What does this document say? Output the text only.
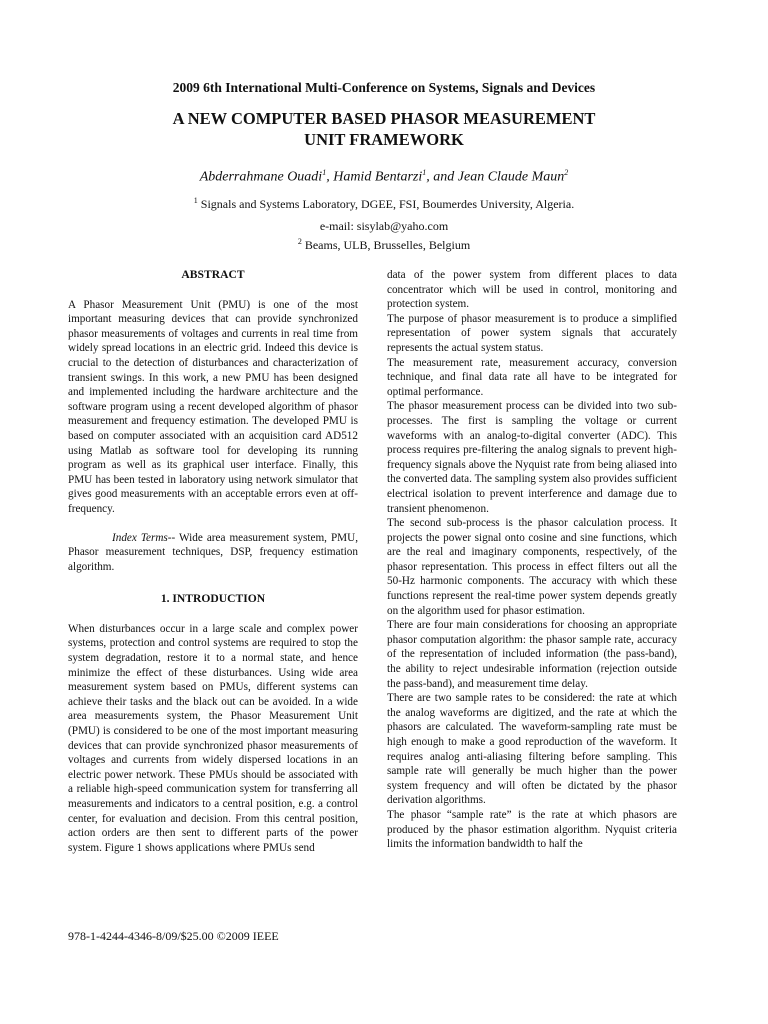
2009 6th International Multi-Conference on Systems, Signals and Devices
A NEW COMPUTER BASED PHASOR MEASUREMENT
UNIT FRAMEWORK
Abderrahmane Ouadi$^1$, Hamid Bentarzi$^1$, and Jean Claude Maun$^2$
$^1$ Signals and Systems Laboratory, DGEE, FSI, Boumerdes University, Algeria.
e-mail: sisylab@yaho.com
$^2$ Beams, ULB, Brusselles, Belgium
ABSTRACT

A Phasor Measurement Unit (PMU) is one of the most important measuring devices that can provide synchronized phasor measurements of voltages and currents in real time from widely spread locations in an electric grid. Indeed this device is crucial to the detection of disturbances and characterization of transient swings. In this work, a new PMU has been designed and implemented including the hardware architecture and the software program using a recent developed algorithm of phasor measurement and frequency estimation. The developed PMU is based on computer associated with an acquisition card AD512 using Matlab as software tool for developing its running program as well as its graphical user interface. Finally, this PMU has been tested in laboratory using network simulator that gives good measurements with an acceptable errors even at off-frequency.

Index Terms-- Wide area measurement system, PMU, Phasor measurement techniques, DSP, frequency estimation algorithm.

1. INTRODUCTION

When disturbances occur in a large scale and complex power systems, protection and control systems are required to stop the system degradation, restore it to a normal state, and hence minimize the effect of these disturbances. Using wide area measurement system based on PMUs, different systems can achieve their tasks and the black out can be avoided. In a wide area measurements system, the Phasor Measurement Unit (PMU) is considered to be one of the most important measuring devices that can provide synchronized phasor measurements of voltages and currents from widely dispersed locations in an electric power network. These PMUs should be associated with a reliable high-speed communication system for transferring all measurements and indicators to a central position, e.g. a control center, for evaluation and decision. From this central position, action orders are then sent to different parts of the power system. Figure 1 shows applications where PMUs send

data of the power system from different places to data concentrator which will be used in control, monitoring and protection system.

The purpose of phasor measurement is to produce a simplified representation of power system signals that accurately represents the actual system status.

The measurement rate, measurement accuracy, conversion technique, and final data rate all have to be integrated for optimal performance.

The phasor measurement process can be divided into two sub-processes. The first is sampling the voltage or current waveforms with an analog-to-digital converter (ADC). This process requires pre-filtering the analog signals to prevent high-frequency signals above the Nyquist rate from being aliased into the converted data. The sampling system also provides sufficient electrical isolation to prevent interference and damage due to transient phenomenon.

The second sub-process is the phasor calculation process. It projects the power signal onto cosine and sine functions, which are the real and imaginary components, respectively, of the phasor representation. This process in effect filters out all the 50-Hz harmonic components. The accuracy with which these functions represent the real-time power system depends greatly on the algorithm used for phasor estimation.

There are four main considerations for choosing an appropriate phasor computation algorithm: the phasor sample rate, accuracy of the representation of included information (the pass-band), the ability to reject undesirable information (rejection outside the pass-band), and measurement time delay.

There are two sample rates to be considered: the rate at which the analog waveforms are digitized, and the rate at which the phasors are calculated. The waveform-sampling rate must be high enough to make a good reproduction of the waveform. It requires analog anti-aliasing filtering before sampling. This sample rate will generally be much higher than the power system frequency and will often be dictated by the phasor derivation algorithms.

The phasor “sample rate” is the rate at which phasors are produced by the phasor estimation algorithm. Nyquist criteria limits the information bandwidth to half the

978-1-4244-4346-8/09/$25.00 ©2009 IEEE
